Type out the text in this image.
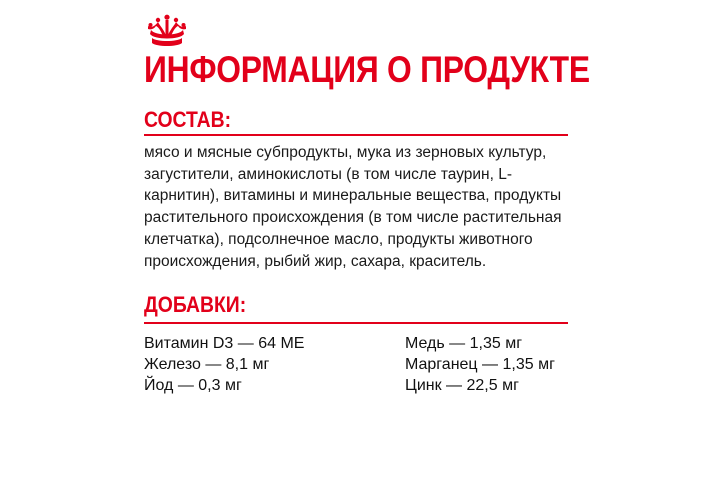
ИНФОРМАЦИЯ О ПРОДУКТЕ
СОСТАВ:

мясо и мясные субпродукты, мука из зерновых культур, загустители, аминокислоты (в том числе таурин, L-карнитин), витамины и минеральные вещества, продукты растительного происхождения (в том числе растительная клетчатка), подсолнечное масло, продукты животного происхождения, рыбий жир, сахара, краситель.

ДОБАВКИ:
Витамин D3 — 64 МЕ
Железо — 8,1 мг
Йод — 0,3 мг
Медь — 1,35 мг
Марганец — 1,35 мг
Цинк — 22,5 мг
